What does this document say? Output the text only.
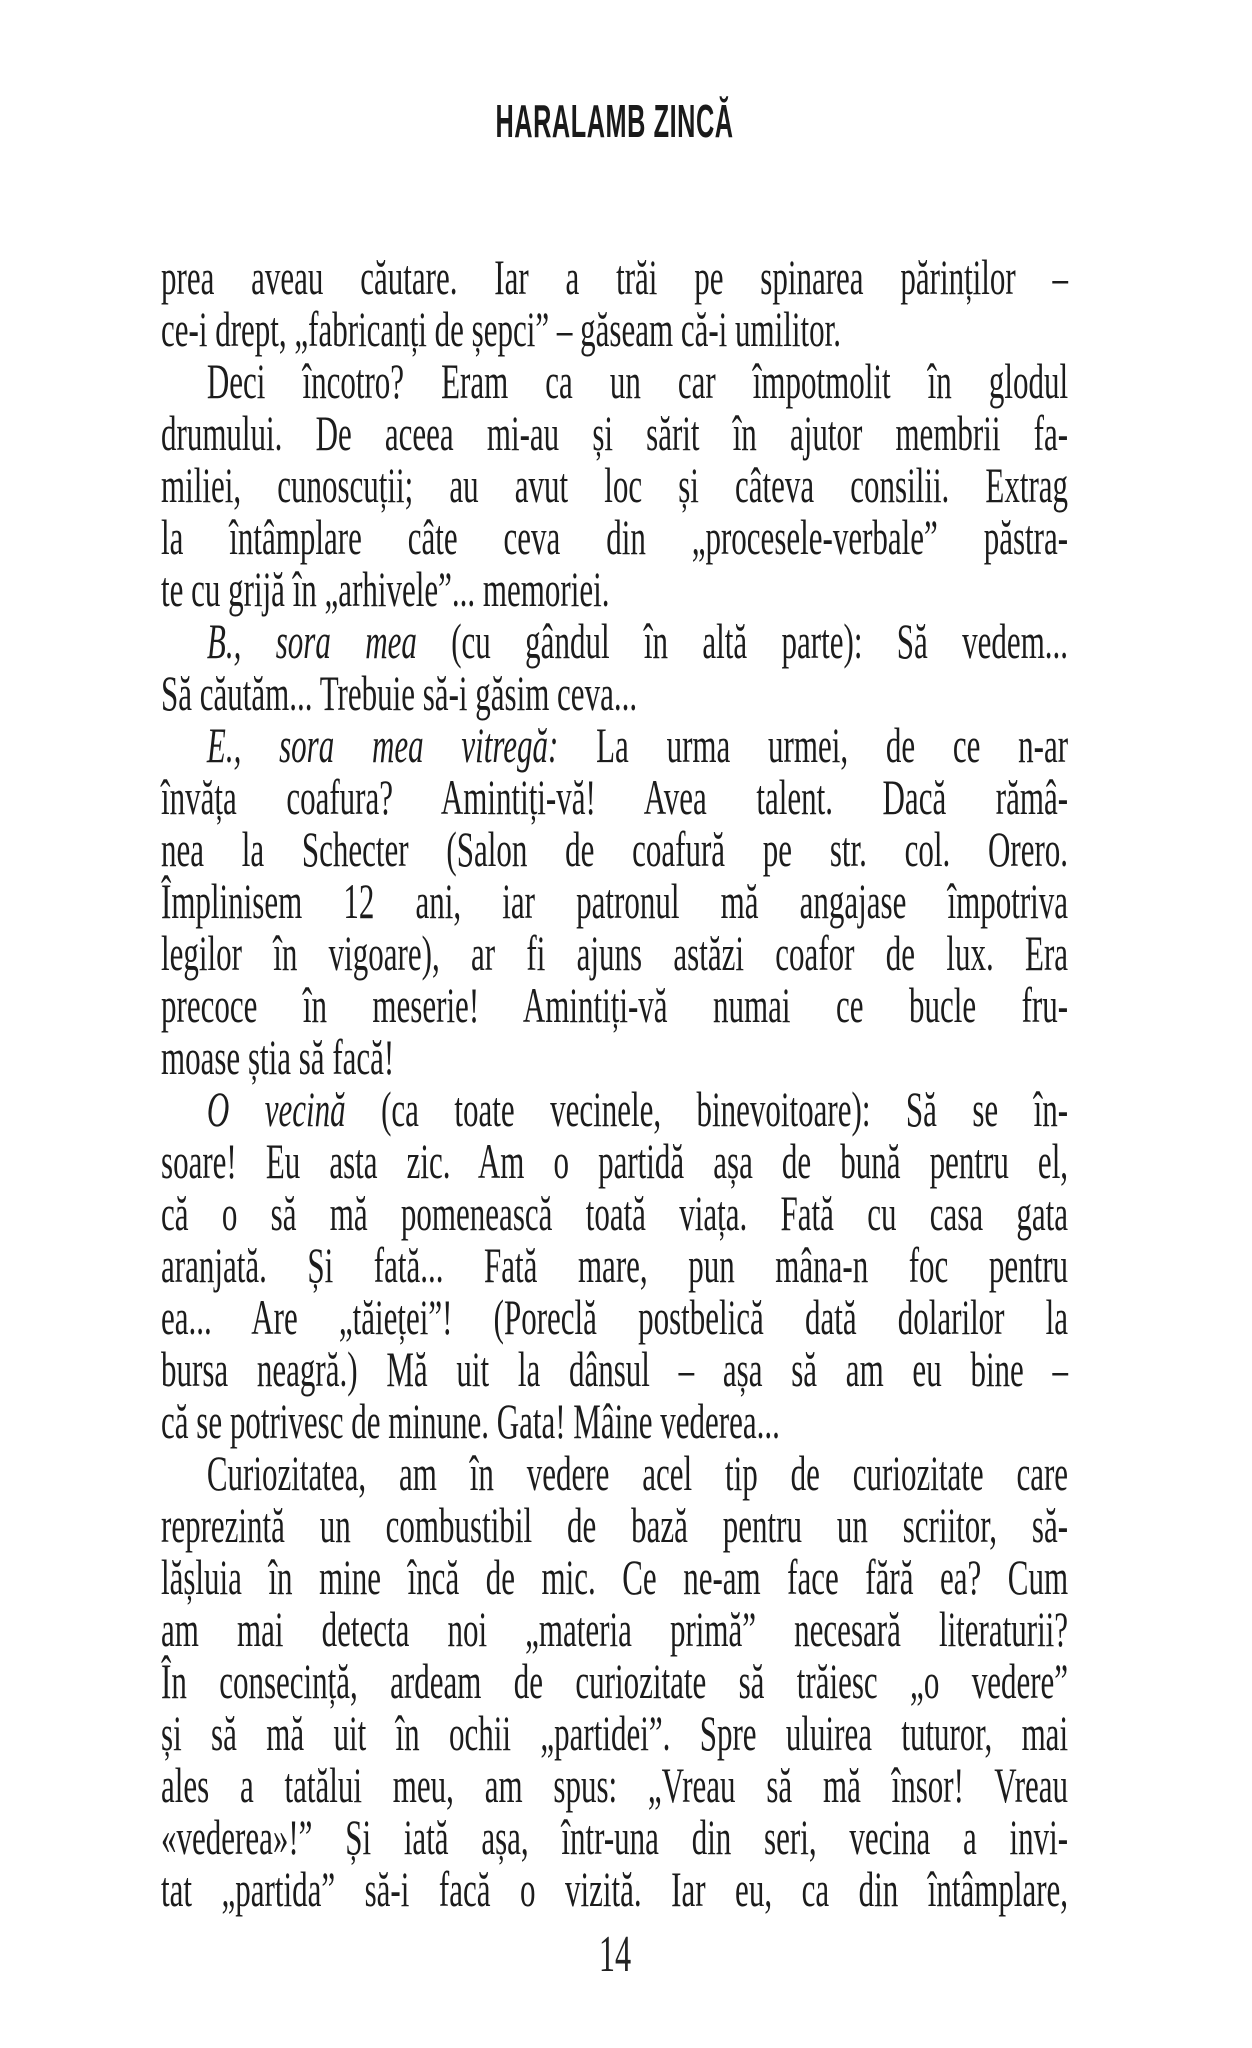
HARALAMB ZINCĂ
prea aveau căutare. Iar a trăi pe spinarea părinților –
ce-i drept, „fabricanți de șepci” – găseam că-i umilitor.
Deci încotro? Eram ca un car împotmolit în glodul
drumului. De aceea mi-au și sărit în ajutor membrii fa-
miliei, cunoscuții; au avut loc și câteva consilii. Extrag
la întâmplare câte ceva din „procesele-verbale” păstra-
te cu grijă în „arhivele”... memoriei.
B., sora mea (cu gândul în altă parte): Să vedem...
Să căutăm... Trebuie să-i găsim ceva...
E., sora mea vitregă: La urma urmei, de ce n-ar
învăța coafura? Amintiți-vă! Avea talent. Dacă rămâ-
nea la Schecter (Salon de coafură pe str. col. Orero.
Împlinisem 12 ani, iar patronul mă angajase împotriva
legilor în vigoare), ar fi ajuns astăzi coafor de lux. Era
precoce în meserie! Amintiți-vă numai ce bucle fru-
moase știa să facă!
O vecină (ca toate vecinele, binevoitoare): Să se în-
soare! Eu asta zic. Am o partidă așa de bună pentru el,
că o să mă pomenească toată viața. Fată cu casa gata
aranjată. Și fată... Fată mare, pun mâna-n foc pentru
ea... Are „tăieței”! (Poreclă postbelică dată dolarilor la
bursa neagră.) Mă uit la dânsul – așa să am eu bine –
că se potrivesc de minune. Gata! Mâine vederea...
Curiozitatea, am în vedere acel tip de curiozitate care
reprezintă un combustibil de bază pentru un scriitor, să-
lășluia în mine încă de mic. Ce ne-am face fără ea? Cum
am mai detecta noi „materia primă” necesară literaturii?
În consecință, ardeam de curiozitate să trăiesc „o vedere”
și să mă uit în ochii „partidei”. Spre uluirea tuturor, mai
ales a tatălui meu, am spus: „Vreau să mă însor! Vreau
«vederea»!” Și iată așa, într-una din seri, vecina a invi-
tat „partida” să-i facă o vizită. Iar eu, ca din întâmplare,
14
